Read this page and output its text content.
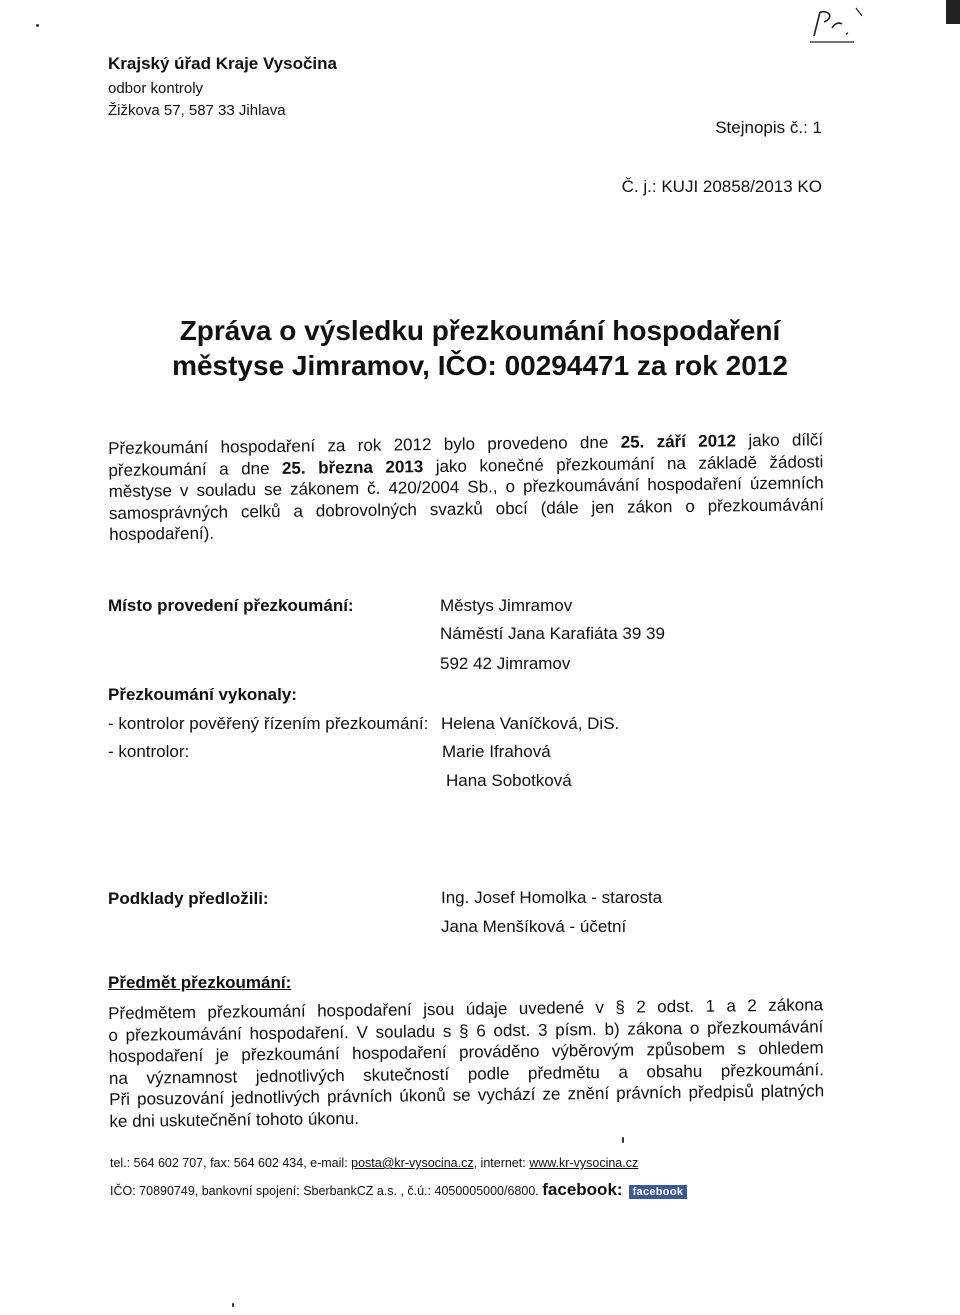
Krajský úřad Kraje Vysočina
odbor kontroly
Žižkova 57, 587 33 Jihlava
Stejnopis č.: 1
Č. j.: KUJI 20858/2013 KO
Zpráva o výsledku přezkoumání hospodaření
městyse Jimramov, IČO: 00294471 za rok 2012
Přezkoumání hospodaření za rok 2012 bylo provedeno dne 25. září 2012 jako dílčí
přezkoumání a dne 25. března 2013 jako konečné přezkoumání na základě žádosti
městyse v souladu se zákonem č. 420/2004 Sb., o přezkoumávání hospodaření územních
samosprávných celků a dobrovolných svazků obcí (dále jen zákon o přezkoumávání
hospodaření).
Místo provedení přezkoumání:	Městys Jimramov
Náměstí Jana Karafiáta 39 39
592 42 Jimramov
Přezkoumání vykonaly:
- kontrolor pověřený řízením přezkoumání: Helena Vaníčková, DiS.
- kontrolor:	Marie Ifrahová
Hana Sobotková
Podklady předložili:	Ing. Josef Homolka - starosta
Jana Menšíková - účetní
Předmět přezkoumání:
Předmětem přezkoumání hospodaření jsou údaje uvedené v § 2 odst. 1 a 2 zákona
o přezkoumávání hospodaření. V souladu s § 6 odst. 3 písm. b) zákona o přezkoumávání
hospodaření je přezkoumání hospodaření prováděno výběrovým způsobem s ohledem
na významnost jednotlivých skutečností podle předmětu a obsahu přezkoumání.
Při posuzování jednotlivých právních úkonů se vychází ze znění právních předpisů platných
ke dni uskutečnění tohoto úkonu.
tel.: 564 602 707, fax: 564 602 434, e-mail: posta@kr-vysocina.cz, internet: www.kr-vysocina.cz
IČO: 70890749, bankovní spojení: SberbankCZ a.s. , č.ú.: 4050005000/6800. facebook: facebook
